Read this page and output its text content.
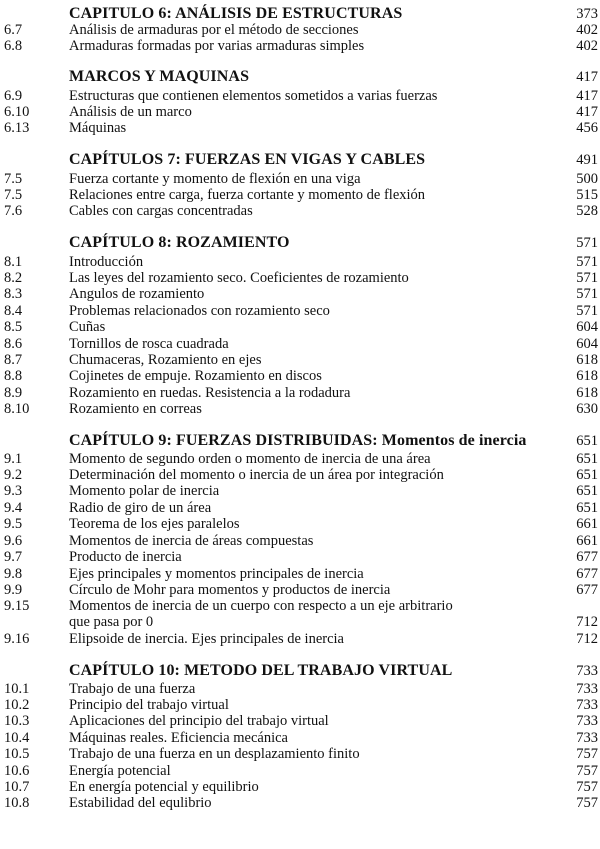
CAPITULO 6: ANÁLISIS DE ESTRUCTURAS	373
6.7	Análisis de armaduras por el método de secciones	402
6.8	Armaduras formadas por varias armaduras simples	402
MARCOS Y MAQUINAS	417
6.9	Estructuras que contienen elementos sometidos a varias fuerzas	417
6.10	Análisis de un marco	417
6.13	Máquinas	456
CAPÍTULOS 7: FUERZAS EN VIGAS Y CABLES	491
7.5	Fuerza cortante y momento de flexión en una viga	500
7.5	Relaciones entre carga, fuerza cortante y momento de flexión	515
7.6	Cables con cargas concentradas	528
CAPÍTULO 8: ROZAMIENTO	571
8.1	Introducción	571
8.2	Las leyes del rozamiento seco. Coeficientes de rozamiento	571
8.3	Angulos de rozamiento	571
8.4	Problemas relacionados con rozamiento seco	571
8.5	Cuñas	604
8.6	Tornillos de rosca cuadrada	604
8.7	Chumaceras, Rozamiento en ejes	618
8.8	Cojinetes de empuje. Rozamiento en discos	618
8.9	Rozamiento en ruedas. Resistencia a la rodadura	618
8.10	Rozamiento en correas	630
CAPÍTULO 9: FUERZAS DISTRIBUIDAS: Momentos de inercia	651
9.1	Momento de segundo orden o momento de inercia de una área	651
9.2	Determinación del momento o inercia de un área por integración	651
9.3	Momento polar de inercia	651
9.4	Radio de giro de un área	651
9.5	Teorema de los ejes paralelos	661
9.6	Momentos de inercia de áreas compuestas	661
9.7	Producto de inercia	677
9.8	Ejes principales y momentos principales de inercia	677
9.9	Círculo de Mohr para momentos y productos de inercia	677
9.15	Momentos de inercia de un cuerpo con respecto a un eje arbitrario
que pasa por 0	712
9.16	Elipsoide de inercia. Ejes principales de inercia	712
CAPÍTULO 10: METODO DEL TRABAJO VIRTUAL	733
10.1	Trabajo de una fuerza	733
10.2	Principio del trabajo virtual	733
10.3	Aplicaciones del principio del trabajo virtual	733
10.4	Máquinas reales. Eficiencia mecánica	733
10.5	Trabajo de una fuerza en un desplazamiento finito	757
10.6	Energía potencial	757
10.7	En energía potencial y equilibrio	757
10.8	Estabilidad del equlibrio	757
